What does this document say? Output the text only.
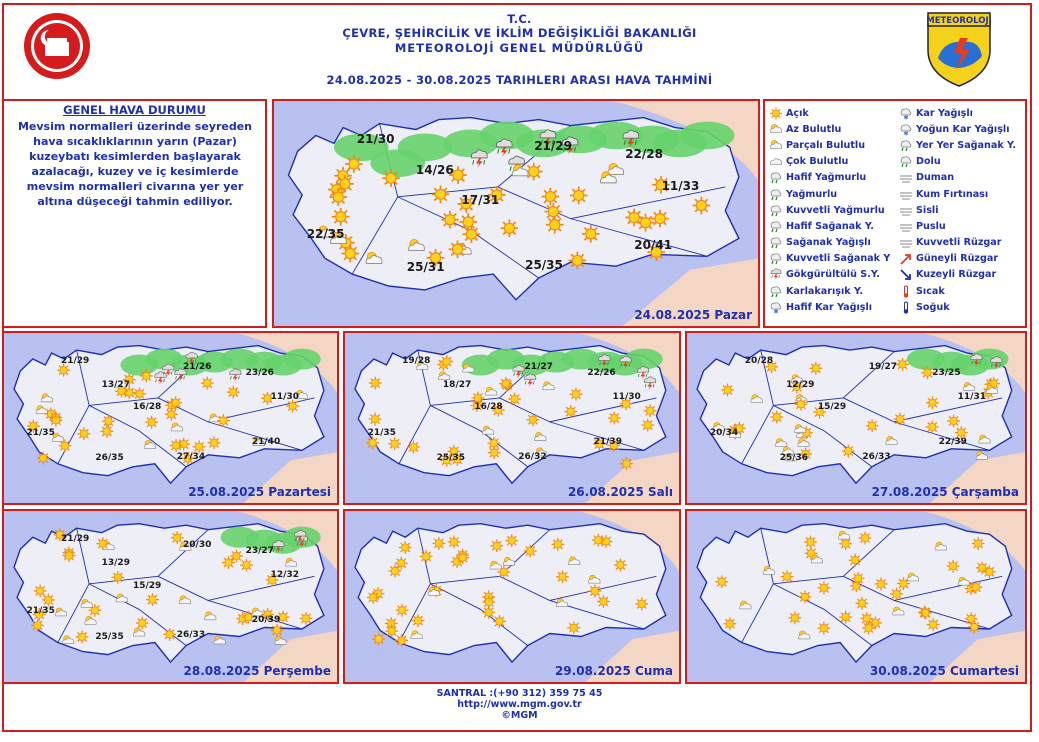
T.C.
ÇEVRE, ŞEHİRCİLİK VE İKLİM DEĞİŞİKLİĞİ BAKANLIĞI
METEOROLOJİ GENEL MÜDÜRLÜĞÜ
24.08.2025 - 30.08.2025 TARIHLERI ARASI HAVA TAHMİNİ
METEOROLOJİ
GENEL HAVA DURUMU
Mevsim normalleri üzerinde seyreden hava sıcaklıklarının yarın (Pazar) kuzeybatı kesimlerden başlayarak azalacağı, kuzey ve iç kesimlerde mevsim normalleri civarına yer yer altına düşeceği tahmin ediliyor.
Açık	✱ Kar Yağışlı
Az Bulutlu	✱ Yoğun Kar Yağışlı
Parçalı Bulutlu	Yer Yer Sağanak Y.
Çok Bulutlu	Dolu
Hafif Yağmurlu	Duman
Yağmurlu	Kum Fırtınası
Kuvvetli Yağmurlu	Sisli
Hafif Sağanak Y.	Puslu
Sağanak Yağışlı	Kuvvetli Rüzgar
Kuvvetli Sağanak Y	Güneyli Rüzgar
Gökgürültülü S.Y.	Kuzeyli Rüzgar
Karlakarışık Y.	Sıcak
✱ Hafif Kar Yağışlı	Soğuk
21/30
14/26
21/29
22/28
17/31
11/33
22/35
20/41
25/31	25/35
24.08.2025 Pazar
21/29
13/27
21/26
23/26
16/28
11/30
21/35
21/40
26/35	27/34
25.08.2025 Pazartesi
19/28
18/27
21/27
22/26
16/28
11/30
21/35
21/39
25/35	26/32
26.08.2025 Salı
20/28
12/29
19/27
23/25
15/29
11/31
20/34
22/39
25/36	26/33
27.08.2025 Çarşamba
21/29
13/29
20/30
23/27
15/29
12/32
21/35
20/39
25/35	26/33
28.08.2025 Perşembe	29.08.2025 Cuma	30.08.2025 Cumartesi
SANTRAL :(+90 312) 359 75 45
http://www.mgm.gov.tr
©MGM
